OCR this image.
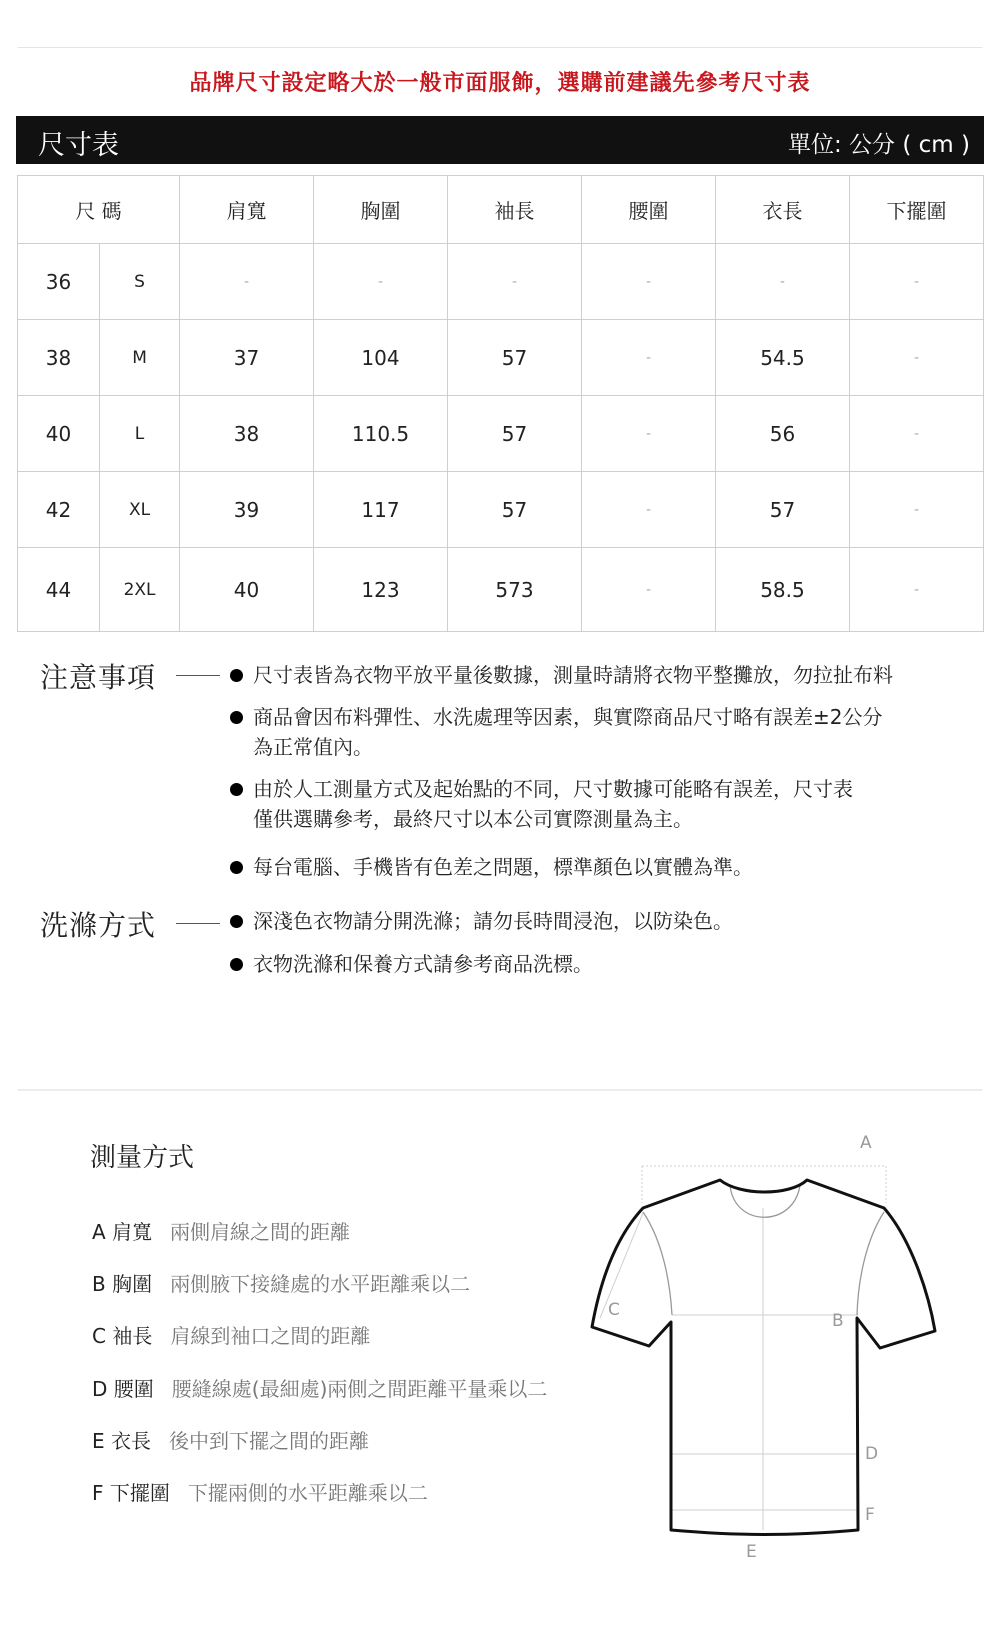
品牌尺寸設定略大於一般市面服飾，選購前建議先參考尺寸表
尺寸表	單位: 公分 ( cm )
尺 碼		肩寬	胸圍	袖長	腰圍	衣長	下擺圍
36	S	-	-	-	-	-	-
38	M	37	104	57	-	54.5	-
40	L	38	110.5	57	-	56	-
42	XL	39	117	57	-	57	-
44	2XL	40	123	573	-	58.5	-
注意事項	尺寸表皆為衣物平放平量後數據，測量時請將衣物平整攤放，勿拉扯布料
商品會因布料彈性、水洗處理等因素，與實際商品尺寸略有誤差±2公分
為正常值內。
由於人工測量方式及起始點的不同，尺寸數據可能略有誤差，尺寸表
僅供選購參考，最終尺寸以本公司實際測量為主。
每台電腦、手機皆有色差之問題，標準顏色以實體為準。
洗滌方式	深淺色衣物請分開洗滌；請勿長時間浸泡，以防染色。
衣物洗滌和保養方式請參考商品洗標。
測量方式
A 肩寬 兩側肩線之間的距離
B 胸圍 兩側腋下接縫處的水平距離乘以二
C 袖長 肩線到袖口之間的距離
D 腰圍 腰縫線處(最細處)兩側之間距離平量乘以二
E 衣長 後中到下擺之間的距離
F 下擺圍 下擺兩側的水平距離乘以二
A
B
C
D
E
F
